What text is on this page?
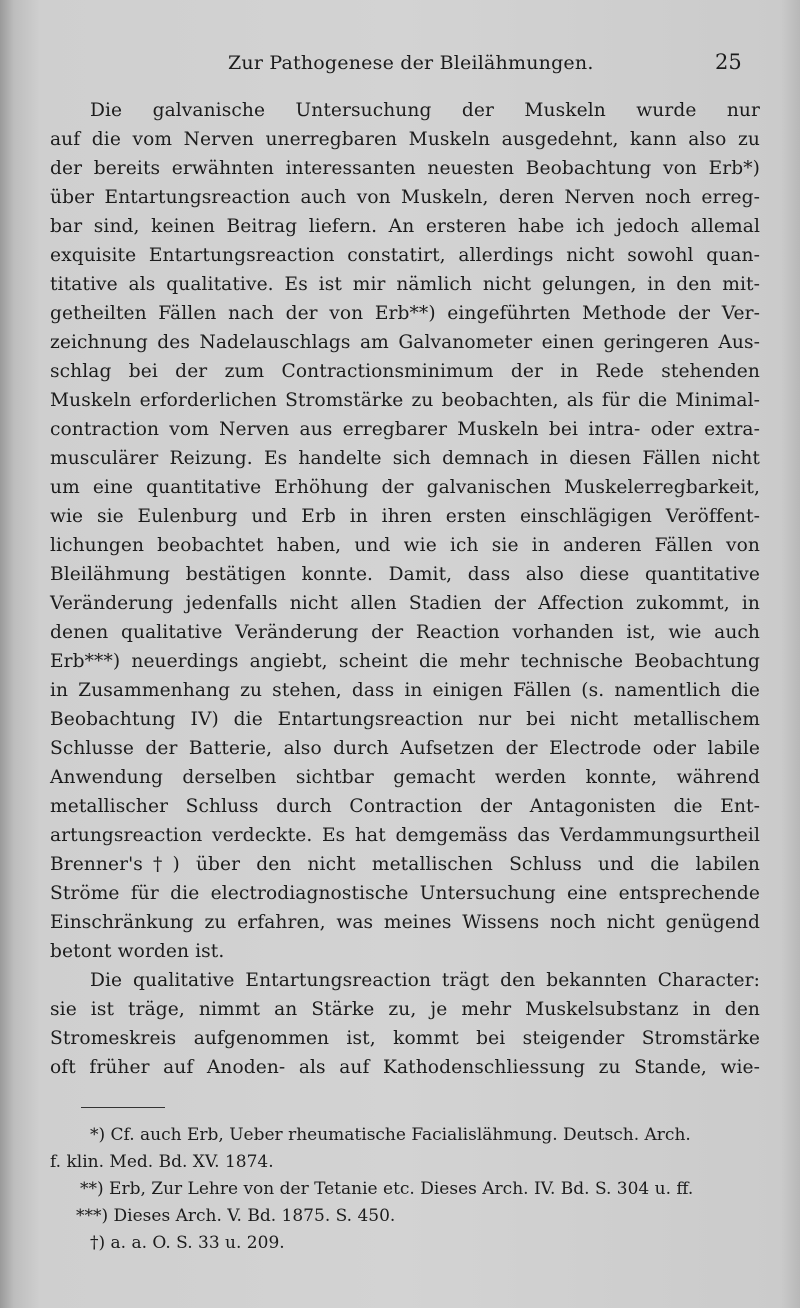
Zur Pathogenese der Bleilähmungen.	25
Die galvanische Untersuchung der Muskeln wurde nur
auf die vom Nerven unerregbaren Muskeln ausgedehnt, kann also zu
der bereits erwähnten interessanten neuesten Beobachtung von Erb*)
über Entartungsreaction auch von Muskeln, deren Nerven noch erreg-
bar sind, keinen Beitrag liefern. An ersteren habe ich jedoch allemal
exquisite Entartungsreaction constatirt, allerdings nicht sowohl quan-
titative als qualitative. Es ist mir nämlich nicht gelungen, in den mit-
getheilten Fällen nach der von Erb**) eingeführten Methode der Ver-
zeichnung des Nadelauschlags am Galvanometer einen geringeren Aus-
schlag bei der zum Contractionsminimum der in Rede stehenden
Muskeln erforderlichen Stromstärke zu beobachten, als für die Minimal-
contraction vom Nerven aus erregbarer Muskeln bei intra- oder extra-
musculärer Reizung. Es handelte sich demnach in diesen Fällen nicht
um eine quantitative Erhöhung der galvanischen Muskelerregbarkeit,
wie sie Eulenburg und Erb in ihren ersten einschlägigen Veröffent-
lichungen beobachtet haben, und wie ich sie in anderen Fällen von
Bleilähmung bestätigen konnte. Damit, dass also diese quantitative
Veränderung jedenfalls nicht allen Stadien der Affection zukommt, in
denen qualitative Veränderung der Reaction vorhanden ist, wie auch
Erb***) neuerdings angiebt, scheint die mehr technische Beobachtung
in Zusammenhang zu stehen, dass in einigen Fällen (s. namentlich die
Beobachtung IV) die Entartungsreaction nur bei nicht metallischem
Schlusse der Batterie, also durch Aufsetzen der Electrode oder labile
Anwendung derselben sichtbar gemacht werden konnte, während
metallischer Schluss durch Contraction der Antagonisten die Ent-
artungsreaction verdeckte. Es hat demgemäss das Verdammungsurtheil
Brenner's†) über den nicht metallischen Schluss und die labilen
Ströme für die electrodiagnostische Untersuchung eine entsprechende
Einschränkung zu erfahren, was meines Wissens noch nicht genügend
betont worden ist.
Die qualitative Entartungsreaction trägt den bekannten Character:
sie ist träge, nimmt an Stärke zu, je mehr Muskelsubstanz in den
Stromeskreis aufgenommen ist, kommt bei steigender Stromstärke
oft früher auf Anoden- als auf Kathodenschliessung zu Stande, wie-
*) Cf. auch Erb, Ueber rheumatische Facialislähmung. Deutsch. Arch.
f. klin. Med. Bd. XV. 1874.
**) Erb, Zur Lehre von der Tetanie etc. Dieses Arch. IV. Bd. S. 304 u. ff.
***) Dieses Arch. V. Bd. 1875. S. 450.
†) a. a. O. S. 33 u. 209.
